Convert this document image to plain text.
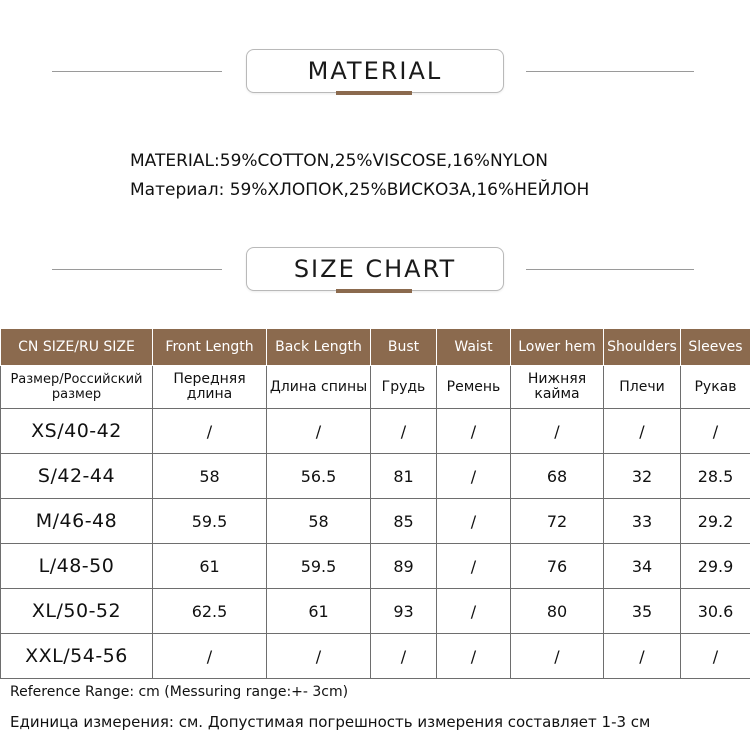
MATERIAL
MATERIAL:59%COTTON,25%VISCOSE,16%NYLON
Материал: 59%ХЛОПОК,25%ВИСКОЗА,16%НЕЙЛОН
SIZE CHART
CN SIZE/RU SIZE	Front Length	Back Length	Bust	Waist	Lower hem	Shoulders	Sleeves
Размер/Российский размер	Передняя длина	Длина спины	Грудь	Ремень	Нижняя кайма	Плечи	Рукав
XS/40-42	/	/	/	/	/	/	/
S/42-44	58	56.5	81	/	68	32	28.5
M/46-48	59.5	58	85	/	72	33	29.2
L/48-50	61	59.5	89	/	76	34	29.9
XL/50-52	62.5	61	93	/	80	35	30.6
XXL/54-56	/	/	/	/	/	/	/
Reference Range: cm (Messuring range:+- 3cm)
Единица измерения: см. Допустимая погрешность измерения составляет 1-3 см
